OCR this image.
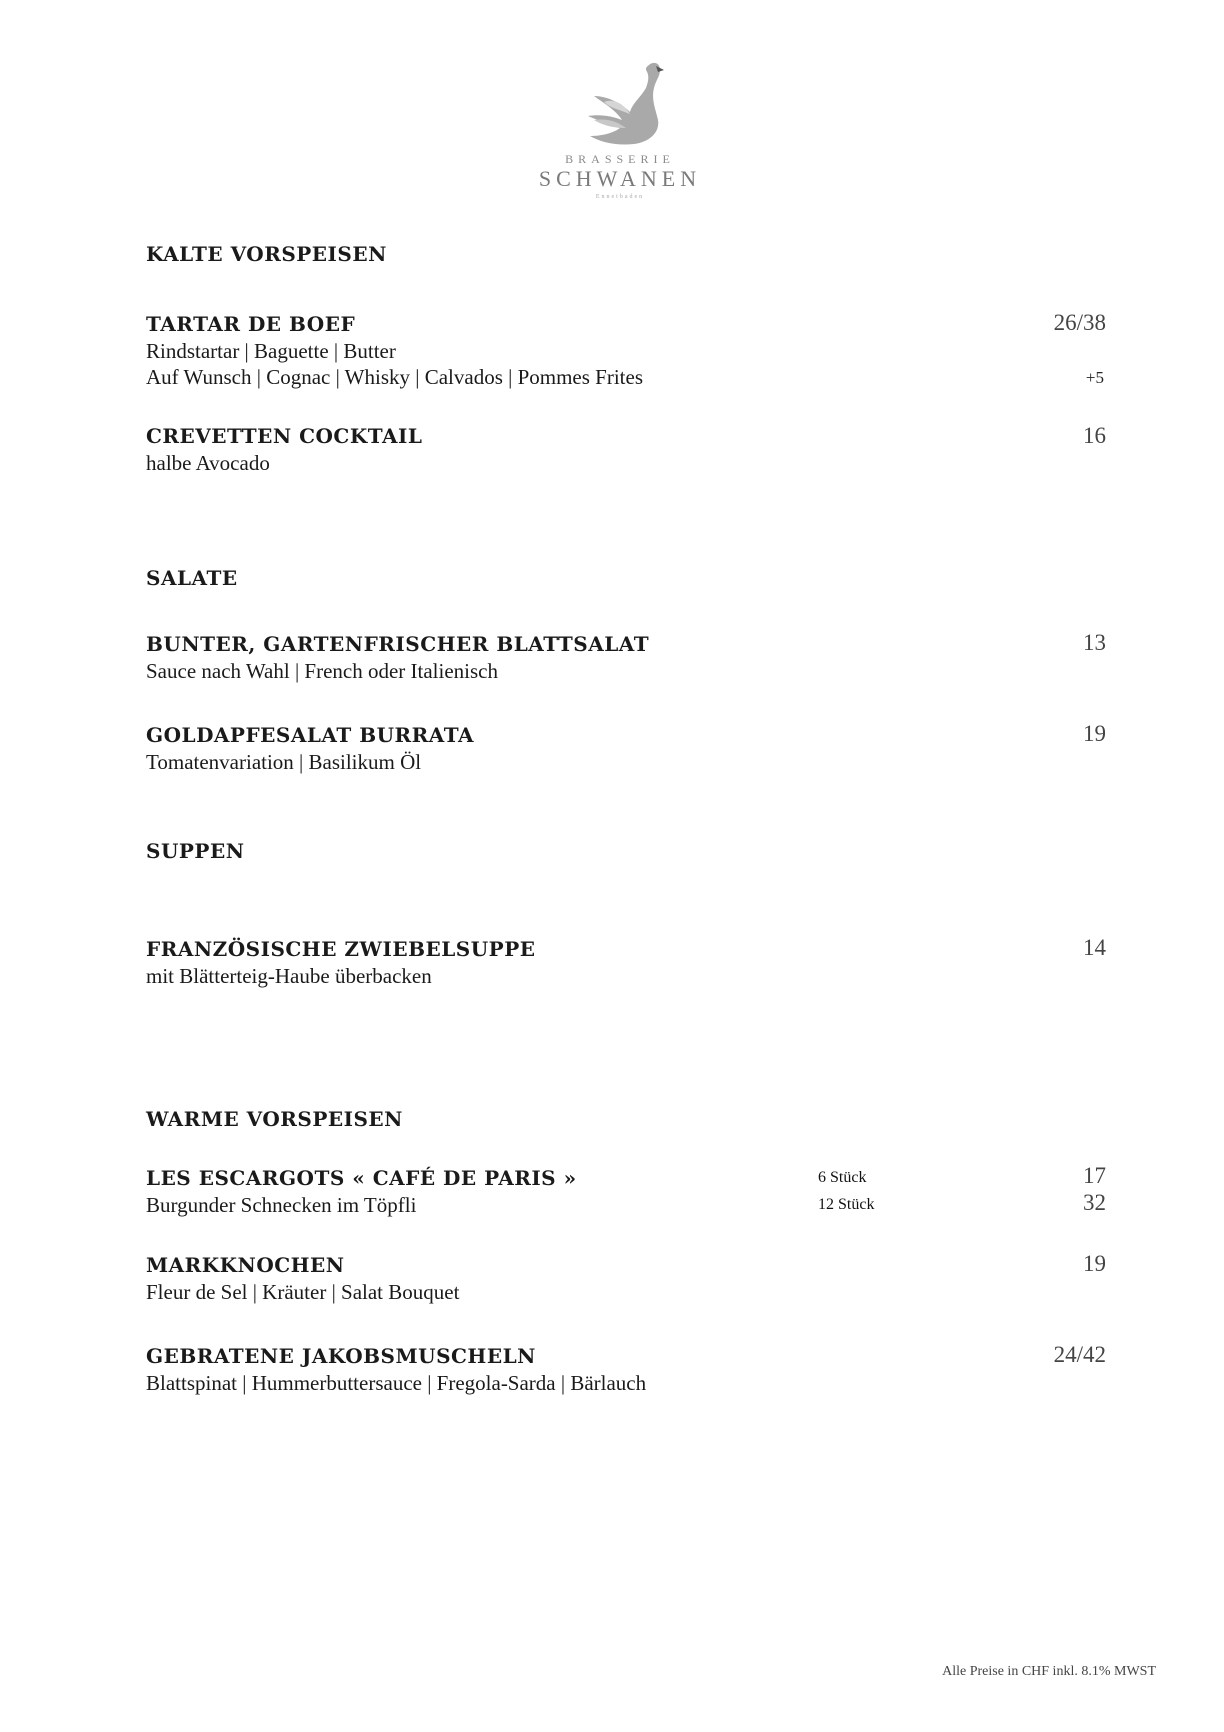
BRASSERIE
SCHWANEN
Ennetbaden
KALTE VORSPEISEN
TARTAR DE BOEF	26/38
Rindstartar | Baguette | Butter
Auf Wunsch | Cognac | Whisky | Calvados | Pommes Frites	+5
CREVETTEN COCKTAIL	16
halbe Avocado
SALATE
BUNTER, GARTENFRISCHER BLATTSALAT	13
Sauce nach Wahl | French oder Italienisch
GOLDAPFESALAT BURRATA	19
Tomatenvariation | Basilikum Öl
SUPPEN
FRANZÖSISCHE ZWIEBELSUPPE	14
mit Blätterteig-Haube überbacken
WARME VORSPEISEN
LES ESCARGOTS « CAFÉ DE PARIS »	6 Stück	17
Burgunder Schnecken im Töpfli	12 Stück	32
MARKKNOCHEN	19
Fleur de Sel | Kräuter | Salat Bouquet
GEBRATENE JAKOBSMUSCHELN	24/42
Blattspinat | Hummerbuttersauce | Fregola-Sarda | Bärlauch
Alle Preise in CHF inkl. 8.1% MWST
